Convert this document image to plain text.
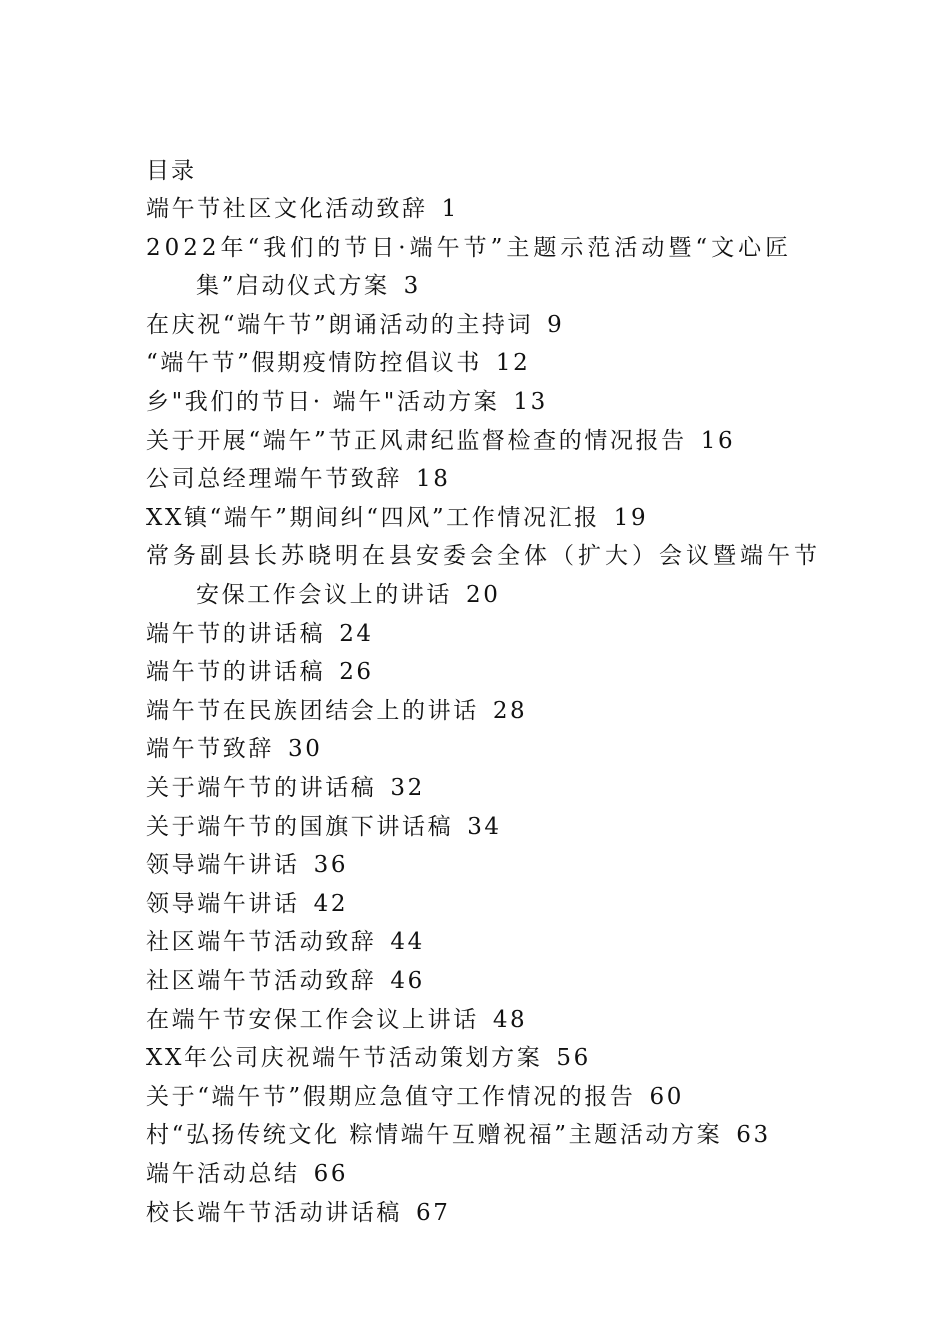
目录
端午节社区文化活动致辞 1
2022年“我们的节日·端午节”主题示范活动暨“文心匠
集”启动仪式方案 3
在庆祝“端午节”朗诵活动的主持词 9
“端午节”假期疫情防控倡议书 12
乡"我们的节日· 端午"活动方案 13
关于开展“端午”节正风肃纪监督检查的情况报告 16
公司总经理端午节致辞 18
XX镇“端午”期间纠“四风”工作情况汇报 19
常务副县长苏晓明在县安委会全体（扩大）会议暨端午节
安保工作会议上的讲话 20
端午节的讲话稿 24
端午节的讲话稿 26
端午节在民族团结会上的讲话 28
端午节致辞 30
关于端午节的讲话稿 32
关于端午节的国旗下讲话稿 34
领导端午讲话 36
领导端午讲话 42
社区端午节活动致辞 44
社区端午节活动致辞 46
在端午节安保工作会议上讲话 48
XX年公司庆祝端午节活动策划方案 56
关于“端午节”假期应急值守工作情况的报告 60
村“弘扬传统文化 粽情端午互赠祝福”主题活动方案 63
端午活动总结 66
校长端午节活动讲话稿 67
